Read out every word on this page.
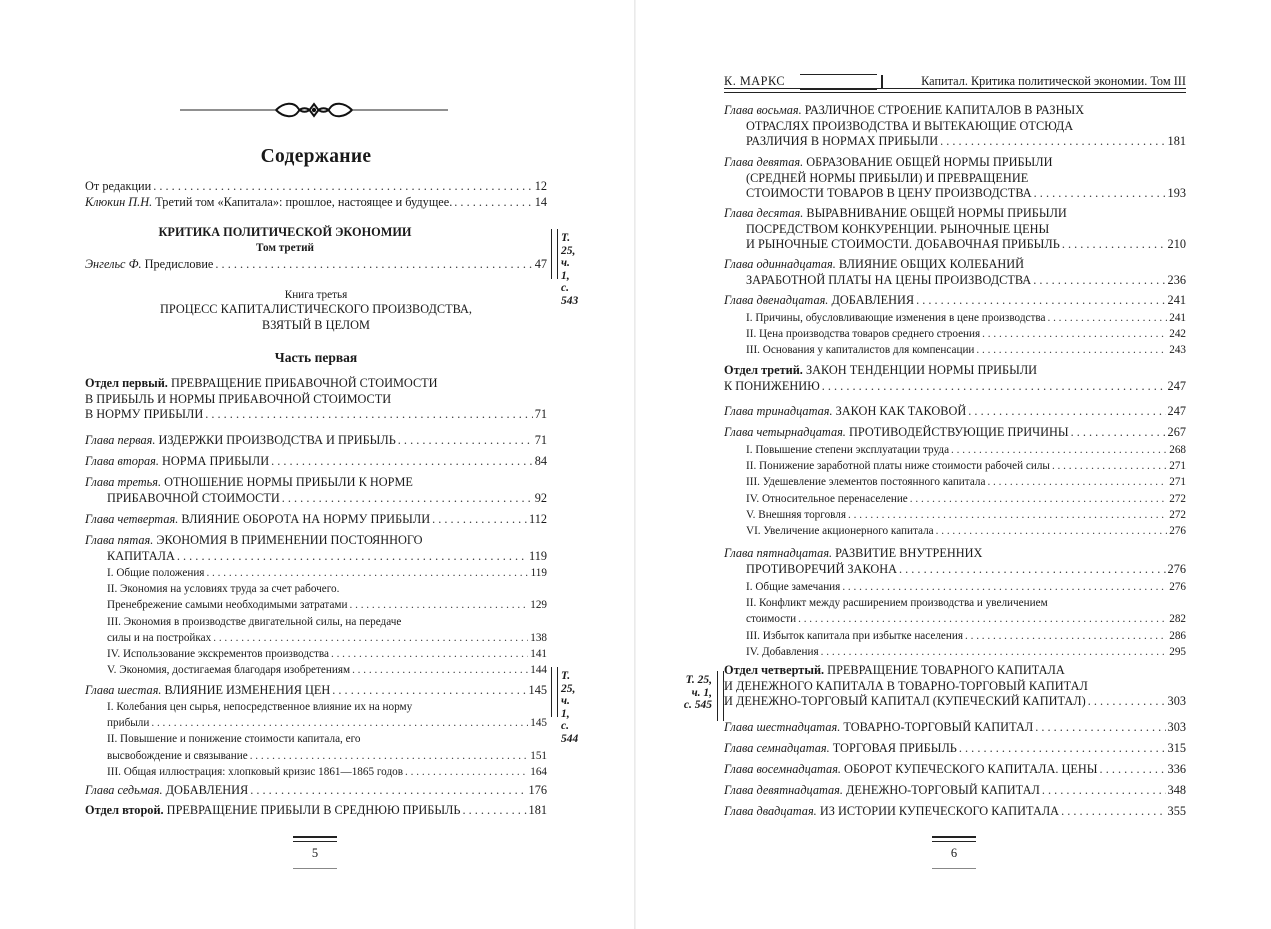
Содержание
От редакции . . .	12
Клюкин П.Н. Третий том «Капитала»: прошлое, настоящее и будущее. . . .	14
КРИТИКА ПОЛИТИЧЕСКОЙ ЭКОНОМИИ
Том третий
Энгельс Ф. Предисловие . . .	47
Т. 25,
ч. 1,
с. 543
Книга третья
ПРОЦЕСС КАПИТАЛИСТИЧЕСКОГО ПРОИЗВОДСТВА,
ВЗЯТЫЙ В ЦЕЛОМ
Часть первая
Отдел первый. ПРЕВРАЩЕНИЕ ПРИБАВОЧНОЙ СТОИМОСТИ
В ПРИБЫЛЬ И НОРМЫ ПРИБАВОЧНОЙ СТОИМОСТИ
В НОРМУ ПРИБЫЛИ . . .	71
Глава первая. ИЗДЕРЖКИ ПРОИЗВОДСТВА И ПРИБЫЛЬ . . .	71
Глава вторая. НОРМА ПРИБЫЛИ . . .	84
Глава третья. ОТНОШЕНИЕ НОРМЫ ПРИБЫЛИ К НОРМЕ
ПРИБАВОЧНОЙ СТОИМОСТИ . . .	92
Глава четвертая. ВЛИЯНИЕ ОБОРОТА НА НОРМУ ПРИБЫЛИ . . .	112
Глава пятая. ЭКОНОМИЯ В ПРИМЕНЕНИИ ПОСТОЯННОГО
КАПИТАЛА . . .	119
I. Общие положения . . .	119
II. Экономия на условиях труда за счет рабочего.
Пренебрежение самыми необходимыми затратами . . .	129
III. Экономия в производстве двигательной силы, на передаче
силы и на постройках . . .	138
IV. Использование экскрементов производства . . .	141
V. Экономия, достигаемая благодаря изобретениям . . .	144 Т. 25,
ч. 1,
с. 544
Глава шестая. ВЛИЯНИЕ ИЗМЕНЕНИЯ ЦЕН . . .	145
I. Колебания цен сырья, непосредственное влияние их на норму
прибыли . . .	145
II. Повышение и понижение стоимости капитала, его
высвобождение и связывание . . .	151
III. Общая иллюстрация: хлопковый кризис 1861—1865 годов . . .	164
Глава седьмая. ДОБАВЛЕНИЯ . . .	176
Отдел второй. ПРЕВРАЩЕНИЕ ПРИБЫЛИ В СРЕДНЮЮ ПРИБЫЛЬ . . .	181
5
К. МАРКС	Капитал. Критика политической экономии. Том III
Глава восьмая. РАЗЛИЧНОЕ СТРОЕНИЕ КАПИТАЛОВ В РАЗНЫХ
ОТРАСЛЯХ ПРОИЗВОДСТВА И ВЫТЕКАЮЩИЕ ОТСЮДА
РАЗЛИЧИЯ В НОРМАХ ПРИБЫЛИ . . .	181
Глава девятая. ОБРАЗОВАНИЕ ОБЩЕЙ НОРМЫ ПРИБЫЛИ
(СРЕДНЕЙ НОРМЫ ПРИБЫЛИ) И ПРЕВРАЩЕНИЕ
СТОИМОСТИ ТОВАРОВ В ЦЕНУ ПРОИЗВОДСТВА . . .	193
Глава десятая. ВЫРАВНИВАНИЕ ОБЩЕЙ НОРМЫ ПРИБЫЛИ
ПОСРЕДСТВОМ КОНКУРЕНЦИИ. РЫНОЧНЫЕ ЦЕНЫ
И РЫНОЧНЫЕ СТОИМОСТИ. ДОБАВОЧНАЯ ПРИБЫЛЬ . . .	210
Глава одиннадцатая. ВЛИЯНИЕ ОБЩИХ КОЛЕБАНИЙ
ЗАРАБОТНОЙ ПЛАТЫ НА ЦЕНЫ ПРОИЗВОДСТВА . . .	236
Глава двенадцатая. ДОБАВЛЕНИЯ . . .	241
I. Причины, обусловливающие изменения в цене производства . . .	241
II. Цена производства товаров среднего строения . . .	242
III. Основания у капиталистов для компенсации . . .	243
Отдел третий. ЗАКОН ТЕНДЕНЦИИ НОРМЫ ПРИБЫЛИ
К ПОНИЖЕНИЮ . . .	247
Глава тринадцатая. ЗАКОН КАК ТАКОВОЙ . . .	247
Глава четырнадцатая. ПРОТИВОДЕЙСТВУЮЩИЕ ПРИЧИНЫ . . .	267
I. Повышение степени эксплуатации труда . . .	268
II. Понижение заработной платы ниже стоимости рабочей силы . . .	271
III. Удешевление элементов постоянного капитала . . .	271
IV. Относительное перенаселение . . .	272
V. Внешняя торговля . . .	272
VI. Увеличение акционерного капитала . . .	276
Глава пятнадцатая. РАЗВИТИЕ ВНУТРЕННИХ
ПРОТИВОРЕЧИЙ ЗАКОНА . . .	276
I. Общие замечания . . .	276
II. Конфликт между расширением производства и увеличением
стоимости . . .	282
III. Избыток капитала при избытке населения . . .	286
IV. Добавления . . .	295
Т. 25,
ч. 1,
с. 545
Отдел четвертый. ПРЕВРАЩЕНИЕ ТОВАРНОГО КАПИТАЛА
И ДЕНЕЖНОГО КАПИТАЛА В ТОВАРНО-ТОРГОВЫЙ КАПИТАЛ
И ДЕНЕЖНО-ТОРГОВЫЙ КАПИТАЛ (КУПЕЧЕСКИЙ КАПИТАЛ) . . .	303
Глава шестнадцатая. ТОВАРНО-ТОРГОВЫЙ КАПИТАЛ . . .	303
Глава семнадцатая. ТОРГОВАЯ ПРИБЫЛЬ . . .	315
Глава восемнадцатая. ОБОРОТ КУПЕЧЕСКОГО КАПИТАЛА. ЦЕНЫ . . .	336
Глава девятнадцатая. ДЕНЕЖНО-ТОРГОВЫЙ КАПИТАЛ . . .	348
Глава двадцатая. ИЗ ИСТОРИИ КУПЕЧЕСКОГО КАПИТАЛА . . .	355
6
